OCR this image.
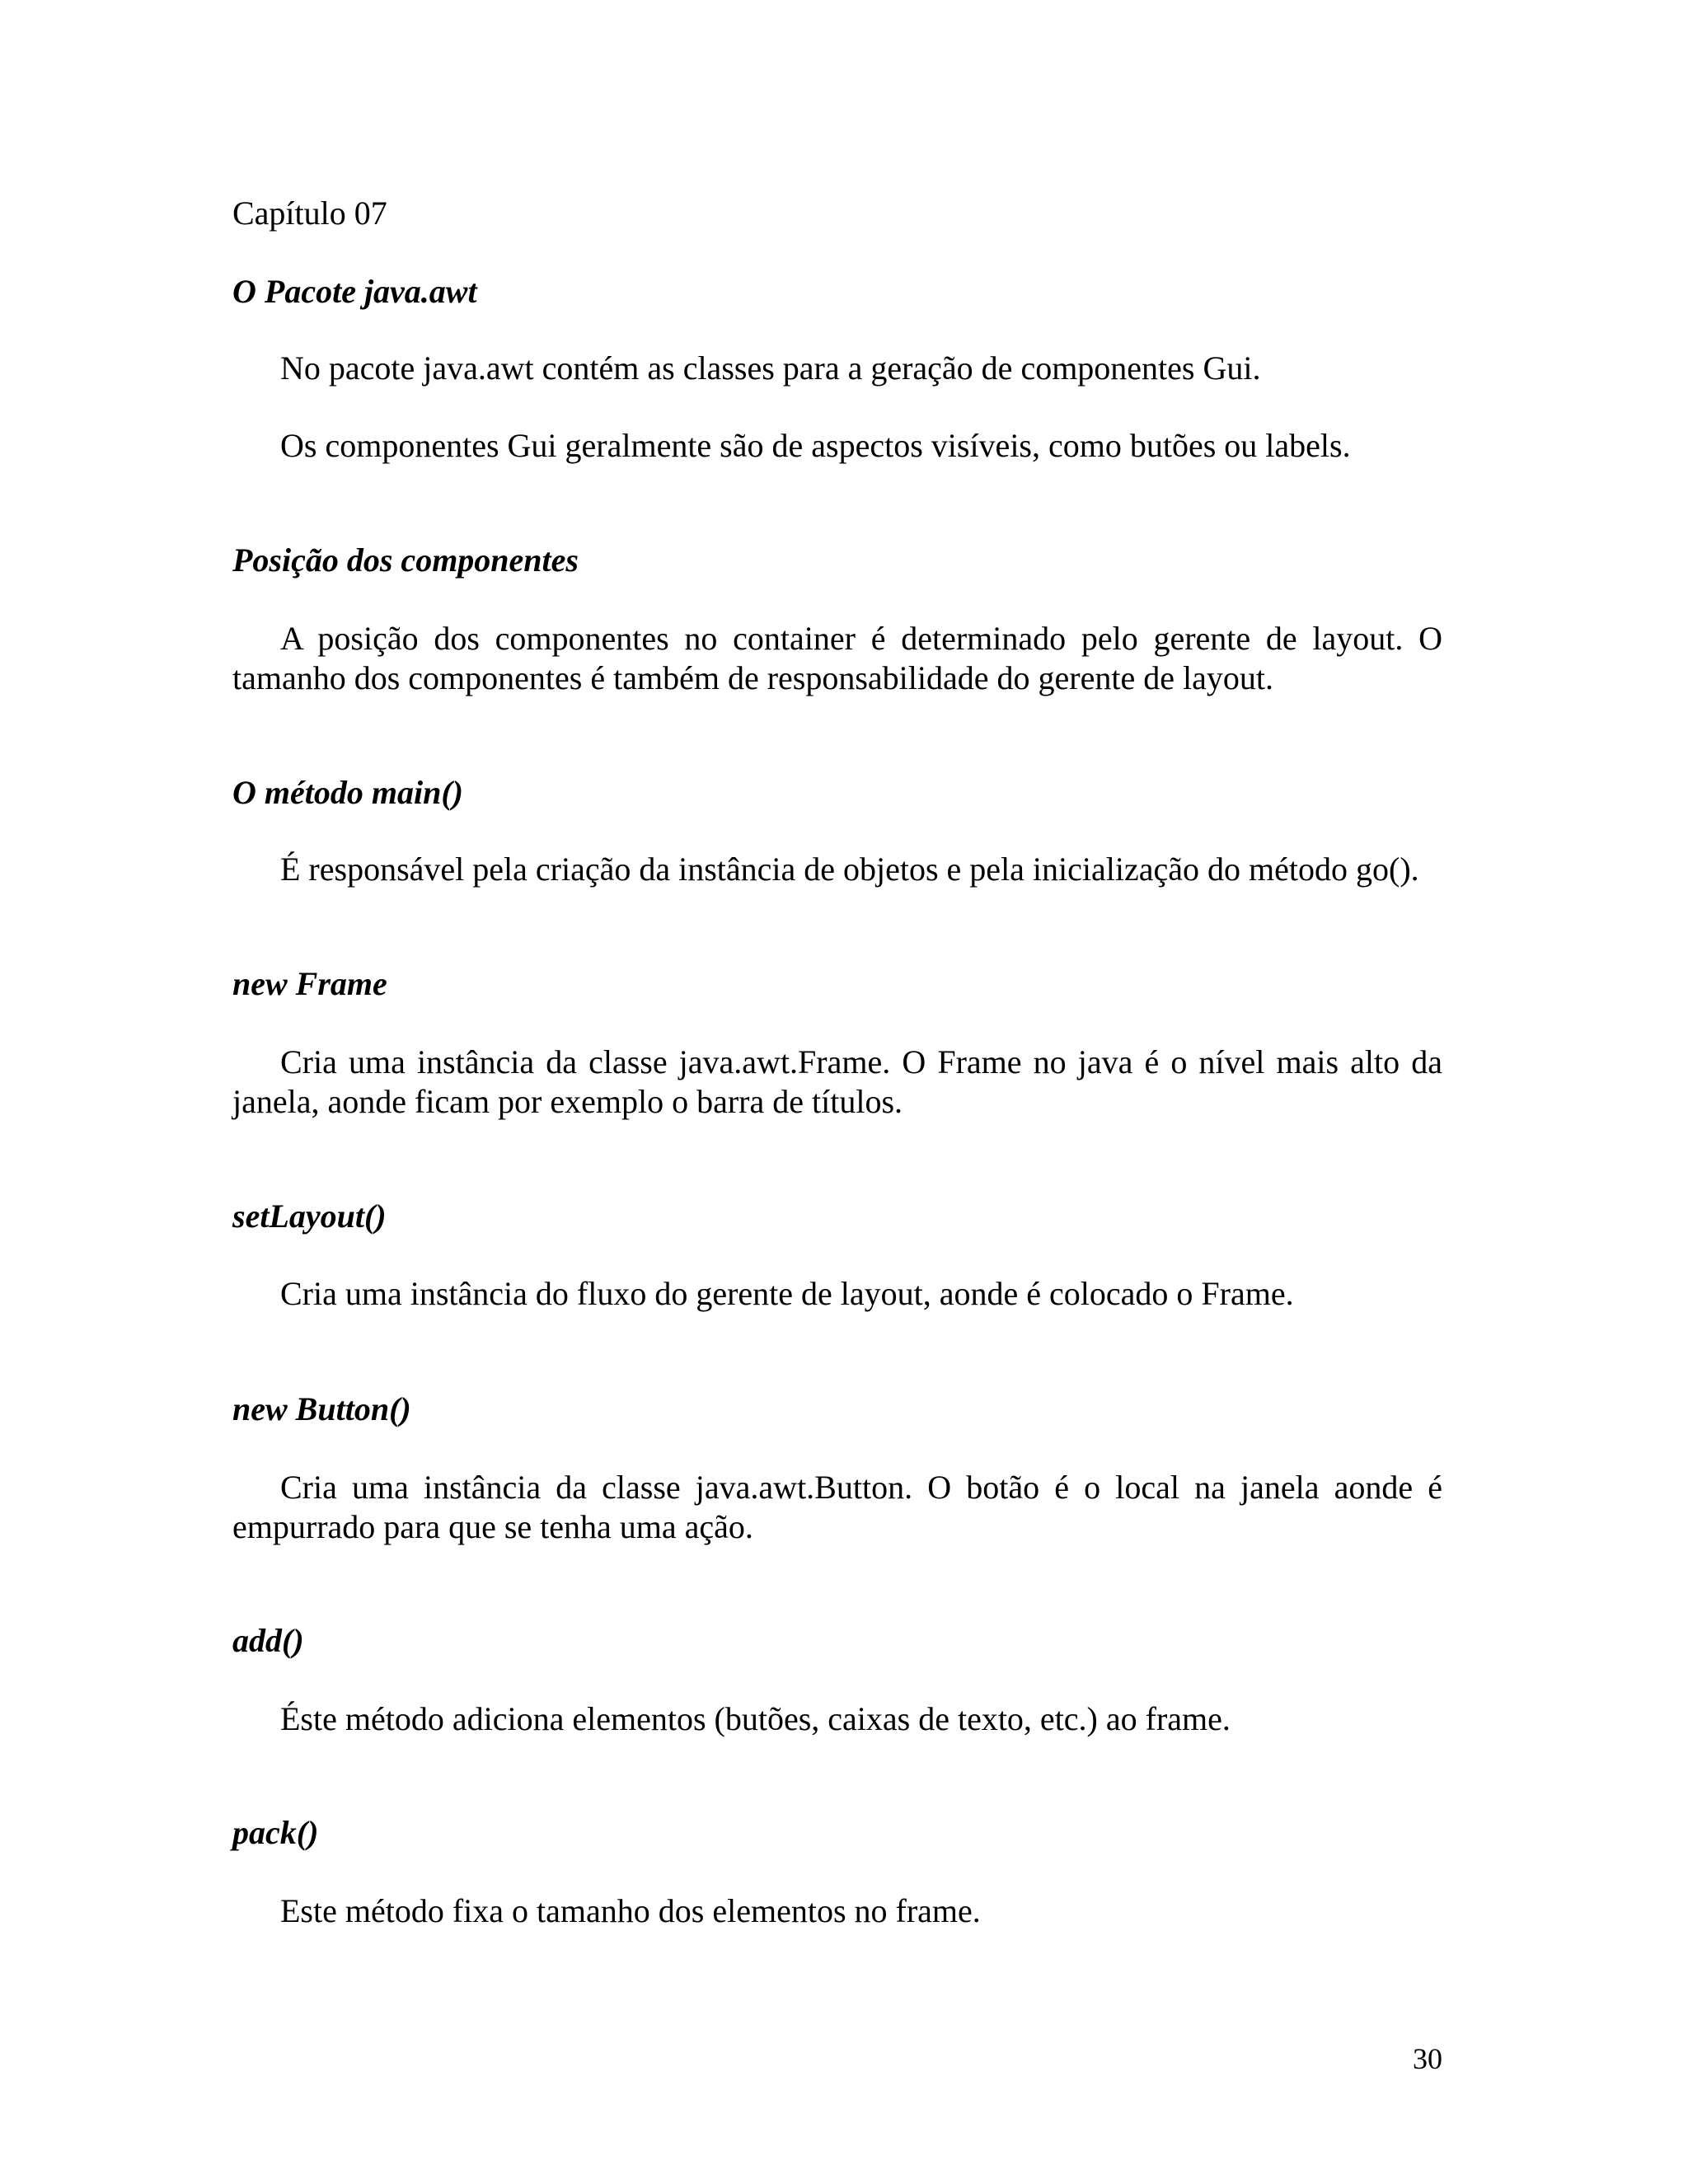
Capítulo 07

O Pacote java.awt

No pacote java.awt contém as classes para a geração de componentes Gui.

Os componentes Gui geralmente são de aspectos visíveis, como butões ou labels.

Posição dos componentes

A posição dos componentes no container é determinado pelo gerente de layout. O tamanho dos componentes é também de responsabilidade do gerente de layout.

O método main()

É responsável pela criação da instância de objetos e pela inicialização do método go().

new Frame

Cria uma instância da classe java.awt.Frame. O Frame no java é o nível mais alto da janela, aonde ficam por exemplo o barra de títulos.

setLayout()

Cria uma instância do fluxo do gerente de layout, aonde é colocado o Frame.

new Button()

Cria uma instância da classe java.awt.Button. O botão é o local na janela aonde é empurrado para que se tenha uma ação.

add()

Éste método adiciona elementos (butões, caixas de texto, etc.) ao frame.

pack()

Este método fixa o tamanho dos elementos no frame.

30
